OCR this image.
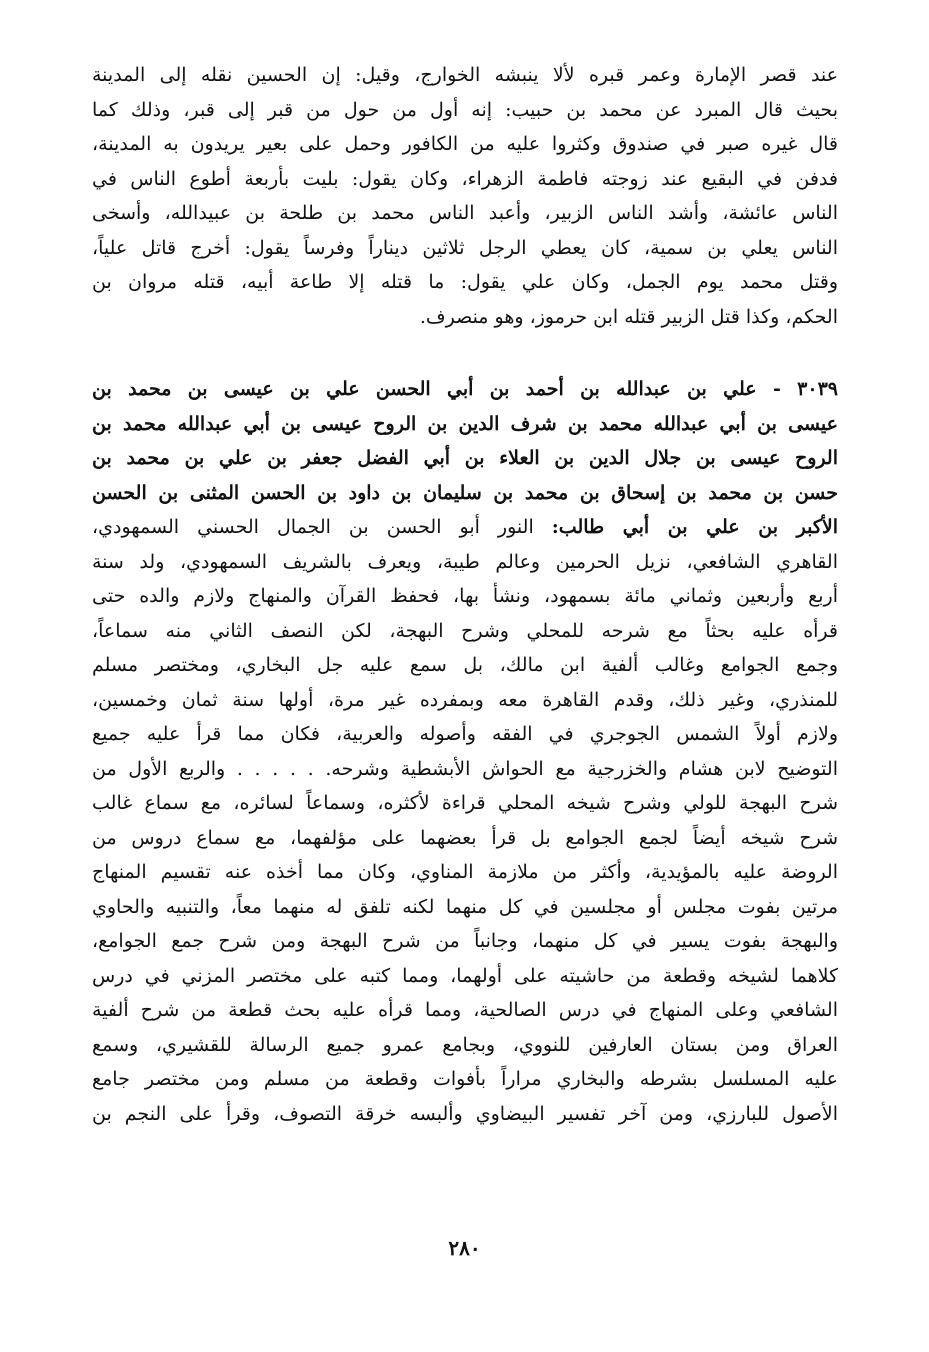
عند قصر الإمارة وعمر قبره لألا ينبشه الخوارج، وقيل: إن الحسين نقله إلى المدينة
بحيث قال المبرد عن محمد بن حبيب: إنه أول من حول من قبر إلى قبر، وذلك كما
قال غيره صبر في صندوق وكثروا عليه من الكافور وحمل على بعير يريدون به المدينة،
فدفن في البقيع عند زوجته فاطمة الزهراء، وكان يقول: بليت بأربعة أطوع الناس في
الناس عائشة، وأشد الناس الزبير، وأعبد الناس محمد بن طلحة بن عبيدالله، وأسخى
الناس يعلي بن سمية، كان يعطي الرجل ثلاثين ديناراً وفرساً يقول: أخرج قاتل علياً،
وقتل محمد يوم الجمل، وكان علي يقول: ما قتله إلا طاعة أبيه، قتله مروان بن
الحكم، وكذا قتل الزبير قتله ابن حرموز، وهو منصرف.
٣٠٣٩ - علي بن عبدالله بن أحمد بن أبي الحسن علي بن عيسى بن محمد بن
عيسى بن أبي عبدالله محمد بن شرف الدين بن الروح عيسى بن أبي عبدالله محمد بن
الروح عيسى بن جلال الدين بن العلاء بن أبي الفضل جعفر بن علي بن محمد بن
حسن بن محمد بن إسحاق بن محمد بن سليمان بن داود بن الحسن المثنى بن الحسن
الأكبر بن علي بن أبي طالب: النور أبو الحسن بن الجمال الحسني السمهودي،
القاهري الشافعي، نزيل الحرمين وعالم طيبة، ويعرف بالشريف السمهودي، ولد سنة
أربع وأربعين وثماني مائة بسمهود، ونشأ بها، فحفظ القرآن والمنهاج ولازم والده حتى
قرأه عليه بحثاً مع شرحه للمحلي وشرح البهجة، لكن النصف الثاني منه سماعاً،
وجمع الجوامع وغالب ألفية ابن مالك، بل سمع عليه جل البخاري، ومختصر مسلم
للمنذري، وغير ذلك، وقدم القاهرة معه وبمفرده غير مرة، أولها سنة ثمان وخمسين،
ولازم أولاً الشمس الجوجري في الفقه وأصوله والعربية، فكان مما قرأ عليه جميع
التوضيح لابن هشام والخزرجية مع الحواش الأبشطية وشرحه. . . . . . والربع الأول من
شرح البهجة للولي وشرح شيخه المحلي قراءة لأكثره، وسماعاً لسائره، مع سماع غالب
شرح شيخه أيضاً لجمع الجوامع بل قرأ بعضهما على مؤلفهما، مع سماع دروس من
الروضة عليه بالمؤيدية، وأكثر من ملازمة المناوي، وكان مما أخذه عنه تقسيم المنهاج
مرتين بفوت مجلس أو مجلسين في كل منهما لكنه تلفق له منهما معاً، والتنبيه والحاوي
والبهجة بفوت يسير في كل منهما، وجانباً من شرح البهجة ومن شرح جمع الجوامع،
كلاهما لشيخه وقطعة من حاشيته على أولهما، ومما كتبه على مختصر المزني في درس
الشافعي وعلى المنهاج في درس الصالحية، ومما قرأه عليه بحث قطعة من شرح ألفية
العراق ومن بستان العارفين للنووي، وبجامع عمرو جميع الرسالة للقشيري، وسمع
عليه المسلسل بشرطه والبخاري مراراً بأفوات وقطعة من مسلم ومن مختصر جامع
الأصول للبارزي، ومن آخر تفسير البيضاوي وألبسه خرقة التصوف، وقرأ على النجم بن
٢٨٠
